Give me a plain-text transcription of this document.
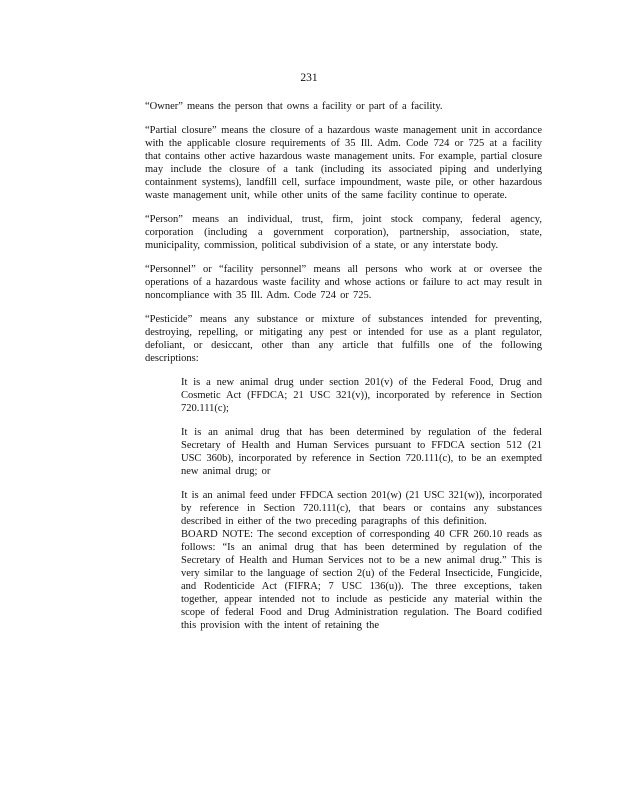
231

“Owner” means the person that owns a facility or part of a facility.

“Partial closure” means the closure of a hazardous waste management unit in accordance with the applicable closure requirements of 35 Ill. Adm. Code 724 or 725 at a facility that contains other active hazardous waste management units. For example, partial closure may include the closure of a tank (including its associated piping and underlying containment systems), landfill cell, surface impoundment, waste pile, or other hazardous waste management unit, while other units of the same facility continue to operate.

“Person” means an individual, trust, firm, joint stock company, federal agency, corporation (including a government corporation), partnership, association, state, municipality, commission, political subdivision of a state, or any interstate body.

“Personnel” or “facility personnel” means all persons who work at or oversee the operations of a hazardous waste facility and whose actions or failure to act may result in noncompliance with 35 Ill. Adm. Code 724 or 725.

“Pesticide” means any substance or mixture of substances intended for preventing, destroying, repelling, or mitigating any pest or intended for use as a plant regulator, defoliant, or desiccant, other than any article that fulfills one of the following descriptions:

It is a new animal drug under section 201(v) of the Federal Food, Drug and Cosmetic Act (FFDCA; 21 USC 321(v)), incorporated by reference in Section 720.111(c);

It is an animal drug that has been determined by regulation of the federal Secretary of Health and Human Services pursuant to FFDCA section 512 (21 USC 360b), incorporated by reference in Section 720.111(c), to be an exempted new animal drug; or

It is an animal feed under FFDCA section 201(w) (21 USC 321(w)), incorporated by reference in Section 720.111(c), that bears or contains any substances described in either of the two preceding paragraphs of this definition.

BOARD NOTE: The second exception of corresponding 40 CFR 260.10 reads as follows: “Is an animal drug that has been determined by regulation of the Secretary of Health and Human Services not to be a new animal drug.” This is very similar to the language of section 2(u) of the Federal Insecticide, Fungicide, and Rodenticide Act (FIFRA; 7 USC 136(u)). The three exceptions, taken together, appear intended not to include as pesticide any material within the scope of federal Food and Drug Administration regulation. The Board codified this provision with the intent of retaining the
